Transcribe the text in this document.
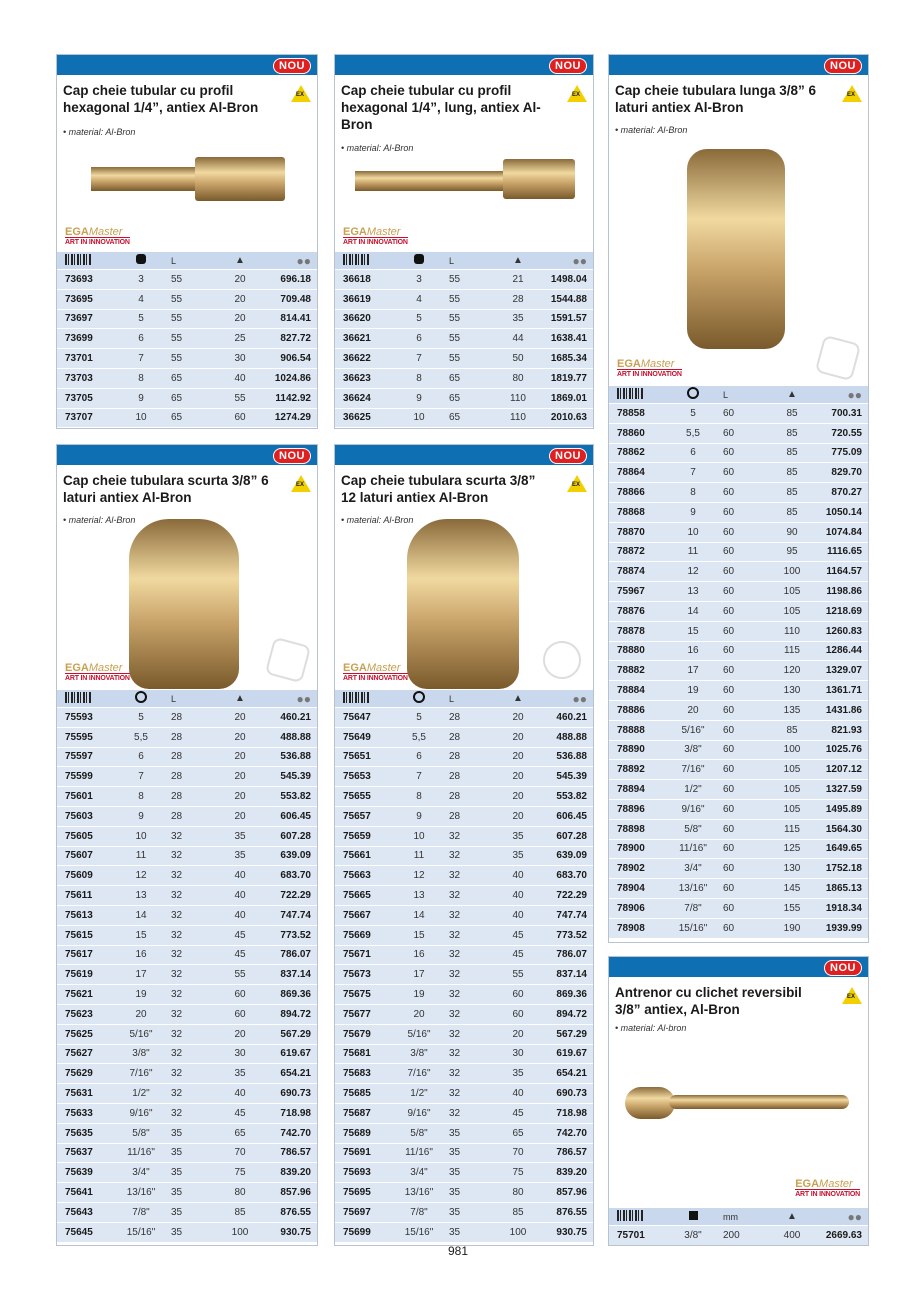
NOU
Cap cheie tubular cu profil hexagonal 1/4”, antiex Al-Bron
EX
• material: Al-Bron
EGAMaster
ART IN INNOVATION
L	▲	●●
73693	3	55	20	696.18
73695	4	55	20	709.48
73697	5	55	20	814.41
73699	6	55	25	827.72
73701	7	55	30	906.54
73703	8	65	40	1024.86
73705	9	65	55	1142.92
73707	10	65	60	1274.29
NOU
Cap cheie tubular cu profil hexagonal 1/4”, lung, antiex Al-Bron
EX
• material: Al-Bron
EGAMaster
ART IN INNOVATION
L	▲	●●
36618	3	55	21	1498.04
36619	4	55	28	1544.88
36620	5	55	35	1591.57
36621	6	55	44	1638.41
36622	7	55	50	1685.34
36623	8	65	80	1819.77
36624	9	65	110	1869.01
36625	10	65	110	2010.63
NOU
Cap cheie tubulara lunga 3/8” 6 laturi antiex Al-Bron
EX
• material: Al-Bron
EGAMaster
ART IN INNOVATION
L	▲	●●
78858	5	60	85	700.31
78860	5,5	60	85	720.55
78862	6	60	85	775.09
78864	7	60	85	829.70
78866	8	60	85	870.27
78868	9	60	85	1050.14
78870	10	60	90	1074.84
78872	11	60	95	1116.65
78874	12	60	100	1164.57
75967	13	60	105	1198.86
78876	14	60	105	1218.69
78878	15	60	110	1260.83
78880	16	60	115	1286.44
78882	17	60	120	1329.07
78884	19	60	130	1361.71
78886	20	60	135	1431.86
78888	5/16"	60	85	821.93
78890	3/8"	60	100	1025.76
78892	7/16"	60	105	1207.12
78894	1/2"	60	105	1327.59
78896	9/16"	60	105	1495.89
78898	5/8"	60	115	1564.30
78900	11/16"	60	125	1649.65
78902	3/4"	60	130	1752.18
78904	13/16"	60	145	1865.13
78906	7/8"	60	155	1918.34
78908	15/16"	60	190	1939.99
NOU
Cap cheie tubulara scurta 3/8” 6 laturi antiex Al-Bron
EX
• material: Al-Bron
EGAMaster
ART IN INNOVATION
L	▲	●●
75593	5	28	20	460.21
75595	5,5	28	20	488.88
75597	6	28	20	536.88
75599	7	28	20	545.39
75601	8	28	20	553.82
75603	9	28	20	606.45
75605	10	32	35	607.28
75607	11	32	35	639.09
75609	12	32	40	683.70
75611	13	32	40	722.29
75613	14	32	40	747.74
75615	15	32	45	773.52
75617	16	32	45	786.07
75619	17	32	55	837.14
75621	19	32	60	869.36
75623	20	32	60	894.72
75625	5/16"	32	20	567.29
75627	3/8"	32	30	619.67
75629	7/16"	32	35	654.21
75631	1/2"	32	40	690.73
75633	9/16"	32	45	718.98
75635	5/8"	35	65	742.70
75637	11/16"	35	70	786.57
75639	3/4"	35	75	839.20
75641	13/16"	35	80	857.96
75643	7/8"	35	85	876.55
75645	15/16"	35	100	930.75
NOU
Cap cheie tubulara scurta 3/8” 12 laturi antiex Al-Bron
EX
• material: Al-Bron
EGAMaster
ART IN INNOVATION
L	▲	●●
75647	5	28	20	460.21
75649	5,5	28	20	488.88
75651	6	28	20	536.88
75653	7	28	20	545.39
75655	8	28	20	553.82
75657	9	28	20	606.45
75659	10	32	35	607.28
75661	11	32	35	639.09
75663	12	32	40	683.70
75665	13	32	40	722.29
75667	14	32	40	747.74
75669	15	32	45	773.52
75671	16	32	45	786.07
75673	17	32	55	837.14
75675	19	32	60	869.36
75677	20	32	60	894.72
75679	5/16"	32	20	567.29
75681	3/8"	32	30	619.67
75683	7/16"	32	35	654.21
75685	1/2"	32	40	690.73
75687	9/16"	32	45	718.98
75689	5/8"	35	65	742.70
75691	11/16"	35	70	786.57
75693	3/4"	35	75	839.20
75695	13/16"	35	80	857.96
75697	7/8"	35	85	876.55
75699	15/16"	35	100	930.75
NOU
Antrenor cu clichet reversibil 3/8” antiex, Al-Bron
EX
• material: Al-bron
EGAMaster
ART IN INNOVATION
mm	▲	●●
75701	3/8"	200	400	2669.63
981
